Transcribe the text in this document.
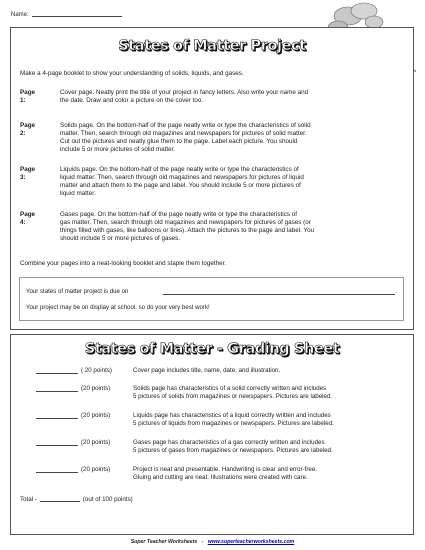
Name:
States of Matter Project
Make a 4-page booklet to show your understanding of solids, liquids, and gases.
Page 1:
Cover page. Neatly print the title of your project in fancy letters. Also write your name and
the date. Draw and color a picture on the cover too.
Page 2:
Solids page. On the bottom-half of the page neatly write or type the characteristics of solid
matter. Then, search through old magazines and newspapers for pictures of solid matter.
Cut out the pictures and neatly glue them to the page. Label each picture. You should
include 5 or more pictures of solid matter.
Page 3:
Liquids page. On the bottom-half of the page neatly write or type the characteristics of
liquid matter. Then, search through old magazines and newspapers for pictures of liquid
matter and attach them to the page and label. You should include 5 or more pictures of
liquid matter.
Page 4:
Gases page. On the bottom-half of the page neatly write or type the characteristics of
gas matter. Then, search through old magazines and newspapers for pictures of gases (or
things filled with gases, like balloons or tires). Attach the pictures to the page and label. You
should include 5 or more pictures of gases.
Combine your pages into a neat-looking booklet and staple them together.
Your states of matter project is due on	.
Your project may be on display at school, so do your very best work!
States of Matter - Grading Sheet
( 20 points)	Cover page includes title, name, date, and illustration.
(20 points)	Solids page has characteristics of a solid correctly written and includes
5 pictures of solids from magazines or newspapers. Pictures are labeled.
(20 points)	Liquids page has characteristics of a liquid correctly written and includes
5 pictures of liquids from magazines or newspapers. Pictures are labeled.
(20 points)	Gases page has characteristics of a gas correctly written and includes
5 pictures of gases from magazines or newspapers. Pictures are labeled.
(20 points)	Project is neat and presentable. Handwriting is clear and error-free.
Gluing and cutting are neat. Illustrations were created with care.
Total -	(out of 100 points)
Super Teacher Worksheets - www.superteacherworksheets.com
